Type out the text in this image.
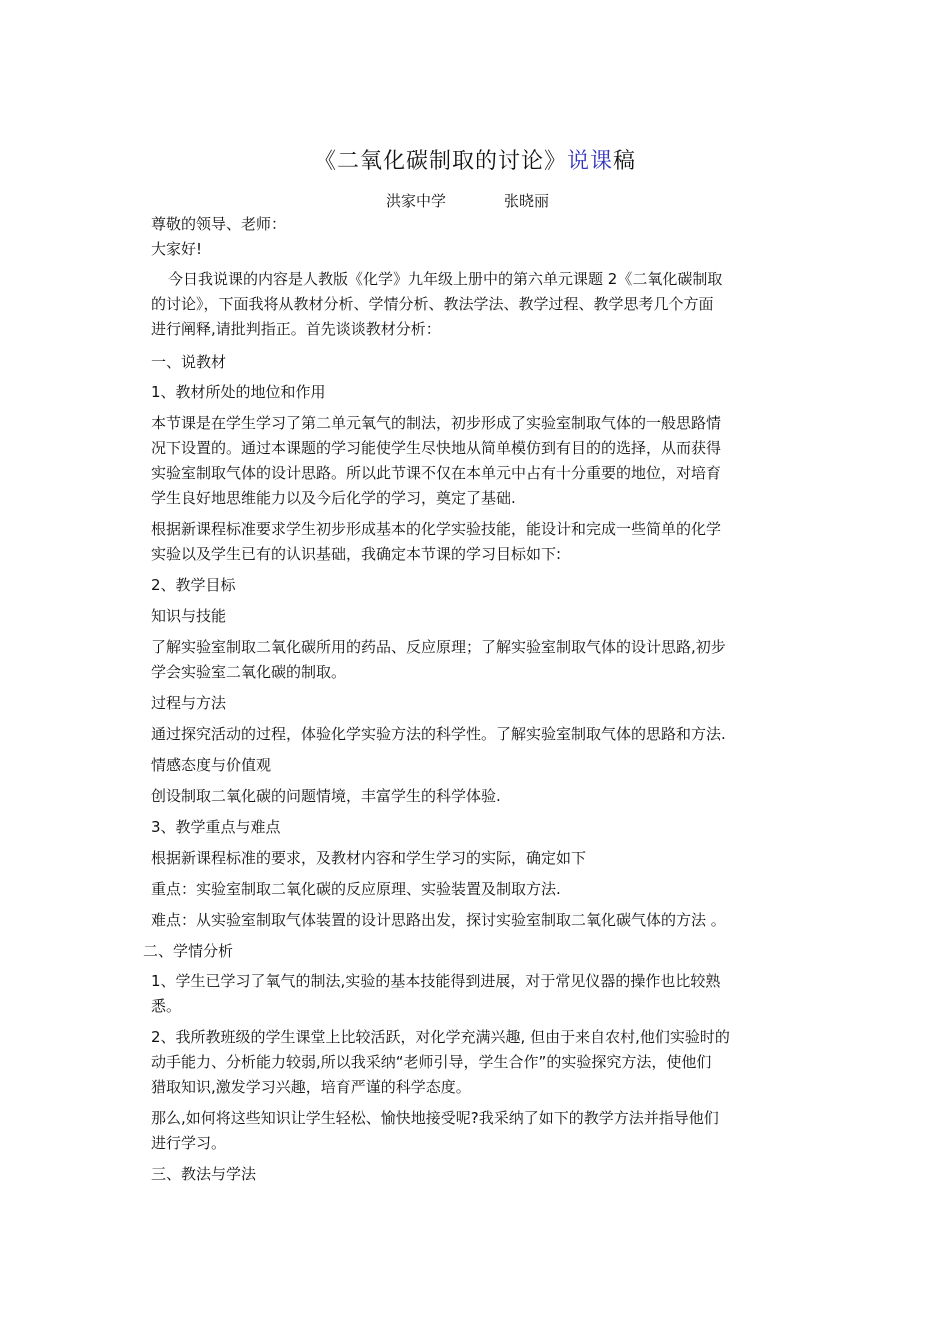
《二氧化碳制取的讨论》说课稿
洪家中学	张晓丽
尊敬的领导、老师：
大家好!
今日我说课的内容是人教版《化学》九年级上册中的第六单元课题 2《二氧化碳制取
的讨论》，下面我将从教材分析、学情分析、教法学法、教学过程、教学思考几个方面
进行阐释,请批判指正。首先谈谈教材分析：
一、说教材
1、教材所处的地位和作用
本节课是在学生学习了第二单元氧气的制法，初步形成了实验室制取气体的一般思路情
况下设置的。通过本课题的学习能使学生尽快地从简单模仿到有目的的选择，从而获得
实验室制取气体的设计思路。所以此节课不仅在本单元中占有十分重要的地位，对培育
学生良好地思维能力以及今后化学的学习，奠定了基础.
根据新课程标准要求学生初步形成基本的化学实验技能，能设计和完成一些简单的化学
实验以及学生已有的认识基础，我确定本节课的学习目标如下:
2、教学目标
知识与技能
了解实验室制取二氧化碳所用的药品、反应原理；了解实验室制取气体的设计思路,初步
学会实验室二氧化碳的制取。
过程与方法
通过探究活动的过程，体验化学实验方法的科学性。了解实验室制取气体的思路和方法.
情感态度与价值观
创设制取二氧化碳的问题情境，丰富学生的科学体验.
3、教学重点与难点
根据新课程标准的要求，及教材内容和学生学习的实际，确定如下
重点：实验室制取二氧化碳的反应原理、实验装置及制取方法.
难点：从实验室制取气体装置的设计思路出发，探讨实验室制取二氧化碳气体的方法 。
二、学情分析
1、学生已学习了氧气的制法,实验的基本技能得到进展，对于常见仪器的操作也比较熟
悉。
2、我所教班级的学生课堂上比较活跃，对化学充满兴趣, 但由于来自农村,他们实验时的
动手能力、分析能力较弱,所以我采纳“老师引导，学生合作”的实验探究方法，使他们
猎取知识,激发学习兴趣，培育严谨的科学态度。
那么,如何将这些知识让学生轻松、愉快地接受呢?我采纳了如下的教学方法并指导他们
进行学习。
三、教法与学法
